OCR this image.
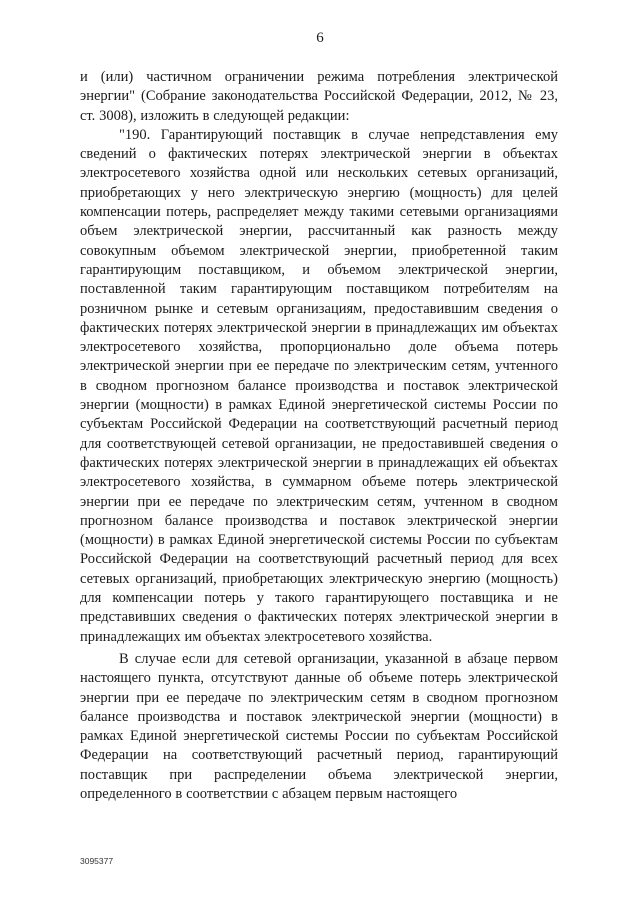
6

и (или) частичном ограничении режима потребления электрической энергии" (Собрание законодательства Российской Федерации, 2012, № 23, ст. 3008), изложить в следующей редакции:

"190. Гарантирующий поставщик в случае непредставления ему сведений о фактических потерях электрической энергии в объектах электросетевого хозяйства одной или нескольких сетевых организаций, приобретающих у него электрическую энергию (мощность) для целей компенсации потерь, распределяет между такими сетевыми организациями объем электрической энергии, рассчитанный как разность между совокупным объемом электрической энергии, приобретенной таким гарантирующим поставщиком, и объемом электрической энергии, поставленной таким гарантирующим поставщиком потребителям на розничном рынке и сетевым организациям, предоставившим сведения о фактических потерях электрической энергии в принадлежащих им объектах электросетевого хозяйства, пропорционально доле объема потерь электрической энергии при ее передаче по электрическим сетям, учтенного в сводном прогнозном балансе производства и поставок электрической энергии (мощности) в рамках Единой энергетической системы России по субъектам Российской Федерации на соответствующий расчетный период для соответствующей сетевой организации, не предоставившей сведения о фактических потерях электрической энергии в принадлежащих ей объектах электросетевого хозяйства, в суммарном объеме потерь электрической энергии при ее передаче по электрическим сетям, учтенном в сводном прогнозном балансе производства и поставок электрической энергии (мощности) в рамках Единой энергетической системы России по субъектам Российской Федерации на соответствующий расчетный период для всех сетевых организаций, приобретающих электрическую энергию (мощность) для компенсации потерь у такого гарантирующего поставщика и не представивших сведения о фактических потерях электрической энергии в принадлежащих им объектах электросетевого хозяйства.

В случае если для сетевой организации, указанной в абзаце первом настоящего пункта, отсутствуют данные об объеме потерь электрической энергии при ее передаче по электрическим сетям в сводном прогнозном балансе производства и поставок электрической энергии (мощности) в рамках Единой энергетической системы России по субъектам Российской Федерации на соответствующий расчетный период, гарантирующий поставщик при распределении объема электрической энергии, определенного в соответствии с абзацем первым настоящего

3095377
